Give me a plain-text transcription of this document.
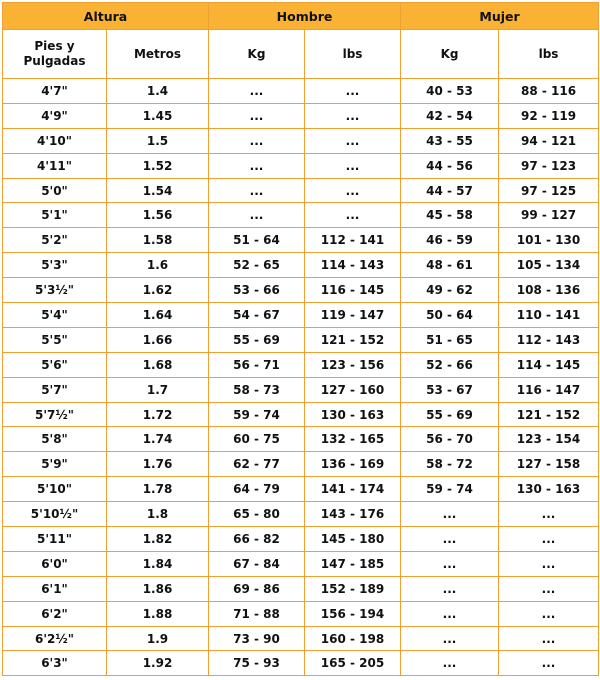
Altura		Hombre		Mujer	
Pies y Pulgadas	Metros	Kg	lbs	Kg	lbs
4'7"	1.4	...	...	40 - 53	88 - 116
4'9"	1.45	...	...	42 - 54	92 - 119
4'10"	1.5	...	...	43 - 55	94 - 121
4'11"	1.52	...	...	44 - 56	97 - 123
5'0"	1.54	...	...	44 - 57	97 - 125
5'1"	1.56	...	...	45 - 58	99 - 127
5'2"	1.58	51 - 64	112 - 141	46 - 59	101 - 130
5'3"	1.6	52 - 65	114 - 143	48 - 61	105 - 134
5'3½"	1.62	53 - 66	116 - 145	49 - 62	108 - 136
5'4"	1.64	54 - 67	119 - 147	50 - 64	110 - 141
5'5"	1.66	55 - 69	121 - 152	51 - 65	112 - 143
5'6"	1.68	56 - 71	123 - 156	52 - 66	114 - 145
5'7"	1.7	58 - 73	127 - 160	53 - 67	116 - 147
5'7½"	1.72	59 - 74	130 - 163	55 - 69	121 - 152
5'8"	1.74	60 - 75	132 - 165	56 - 70	123 - 154
5'9"	1.76	62 - 77	136 - 169	58 - 72	127 - 158
5'10"	1.78	64 - 79	141 - 174	59 - 74	130 - 163
5'10½"	1.8	65 - 80	143 - 176	...	...
5'11"	1.82	66 - 82	145 - 180	...	...
6'0"	1.84	67 - 84	147 - 185	...	...
6'1"	1.86	69 - 86	152 - 189	...	...
6'2"	1.88	71 - 88	156 - 194	...	...
6'2½"	1.9	73 - 90	160 - 198	...	...
6'3"	1.92	75 - 93	165 - 205	...	...
